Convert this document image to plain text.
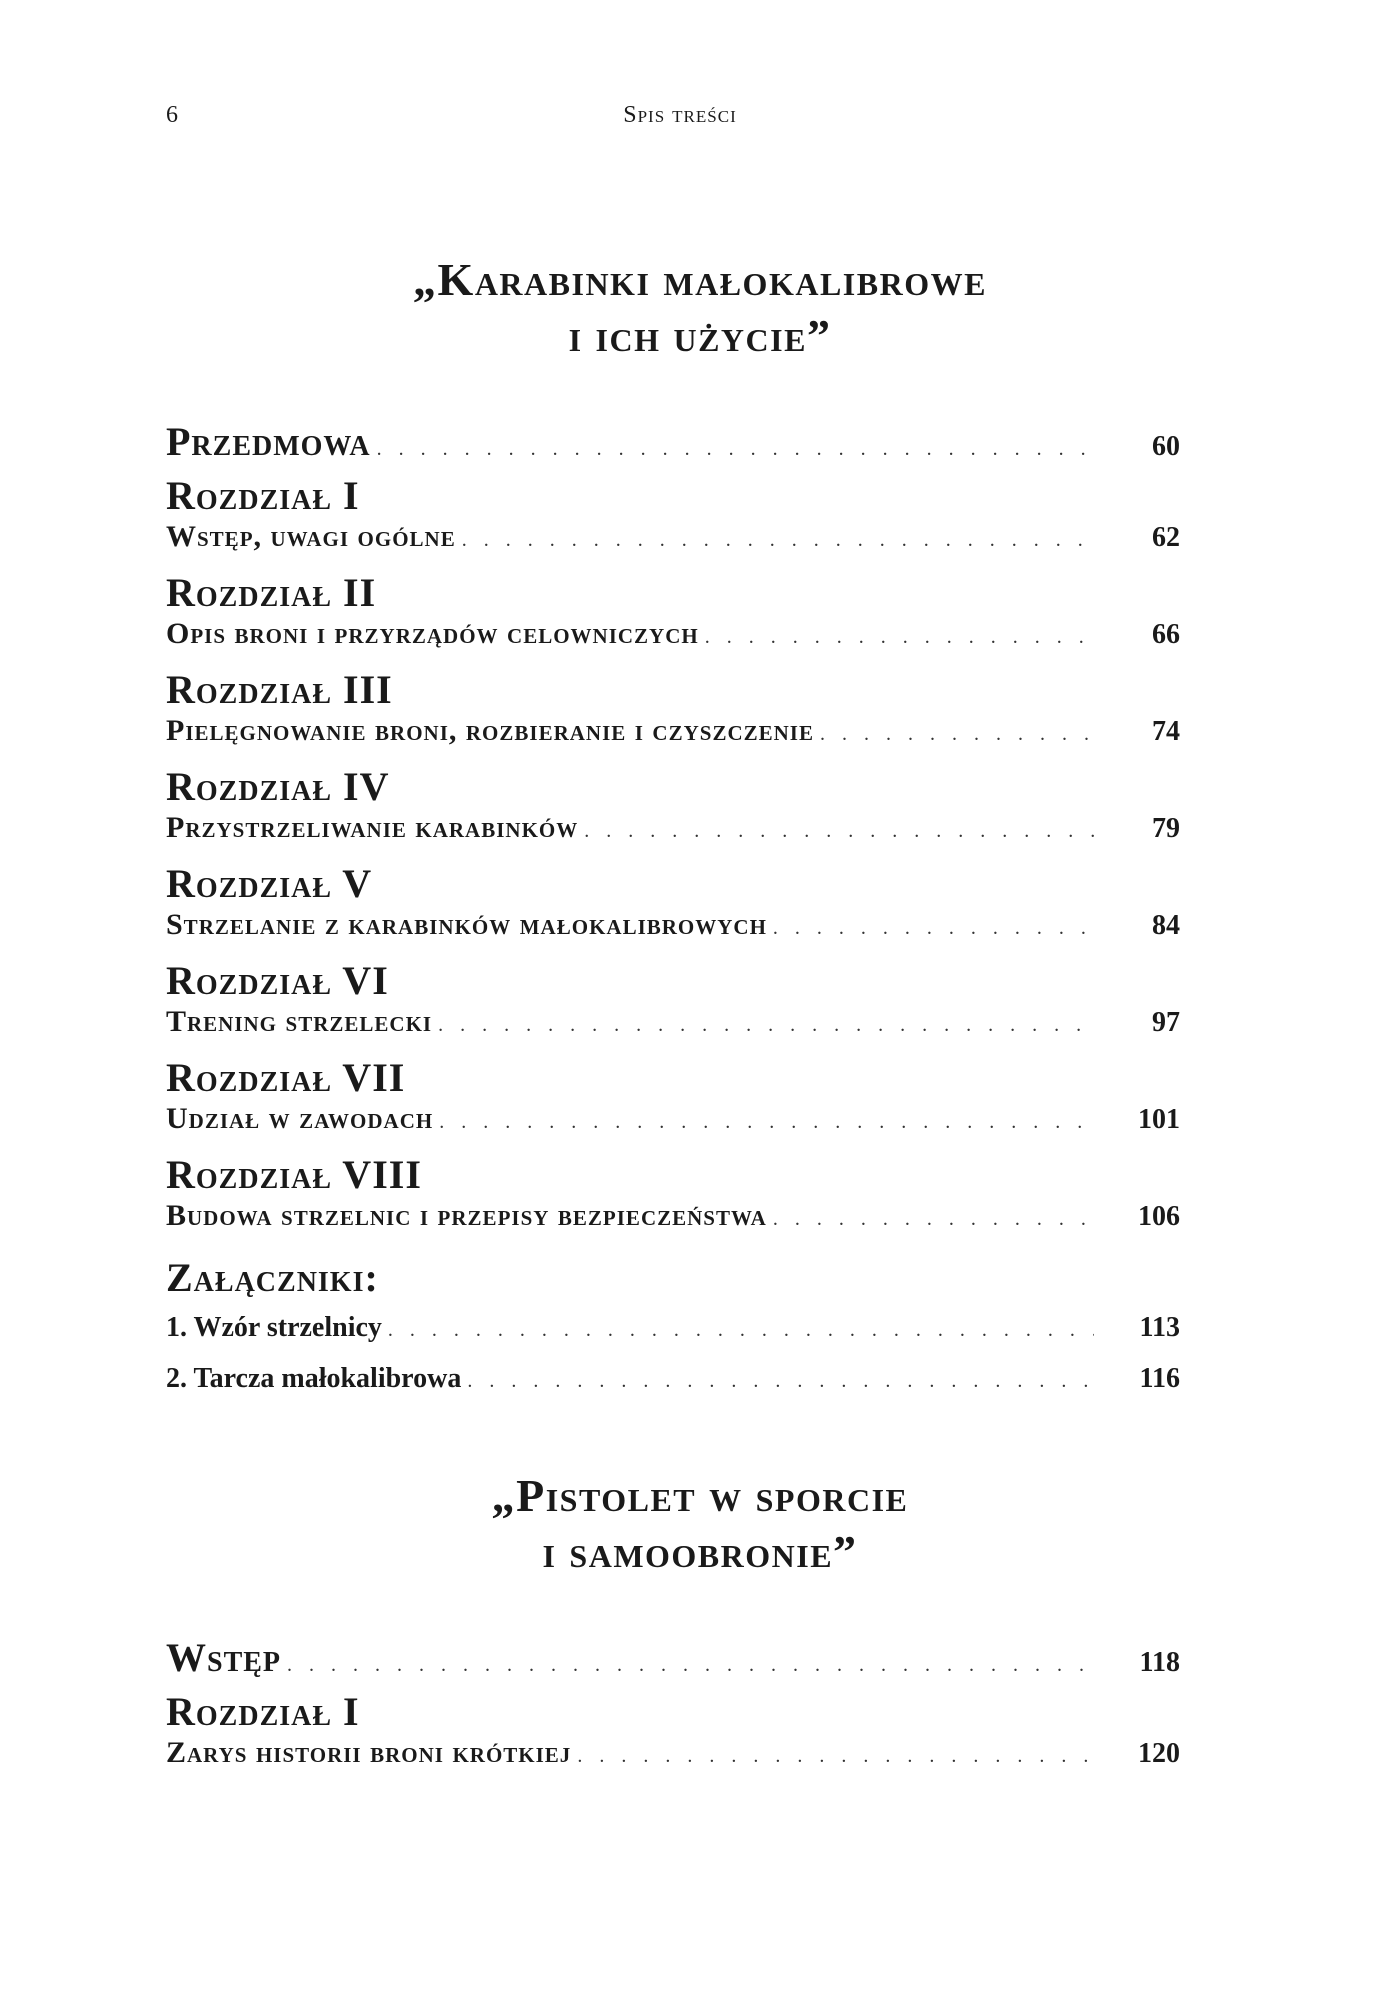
6	Spis treści
„Karabinki małokalibrowe
i ich użycie”
Przedmowa . . .	60
Rozdział I
Wstęp, uwagi ogólne . . .	62
Rozdział II
Opis broni i przyrządów celowniczych . . .	66
Rozdział III
Pielęgnowanie broni, rozbieranie i czyszczenie . . .	74
Rozdział IV
Przystrzeliwanie karabinków . . .	79
Rozdział V
Strzelanie z karabinków małokalibrowych . . .	84
Rozdział VI
Trening strzelecki . . .	97
Rozdział VII
Udział w zawodach . . .	101
Rozdział VIII
Budowa strzelnic i przepisy bezpieczeństwa . . .	106
Załączniki:
1. Wzór strzelnicy . . .	113
2. Tarcza małokalibrowa . . .	116
„Pistolet w sporcie
i samoobronie”
Wstęp . . .	118
Rozdział I
Zarys historii broni krótkiej . . .	120
